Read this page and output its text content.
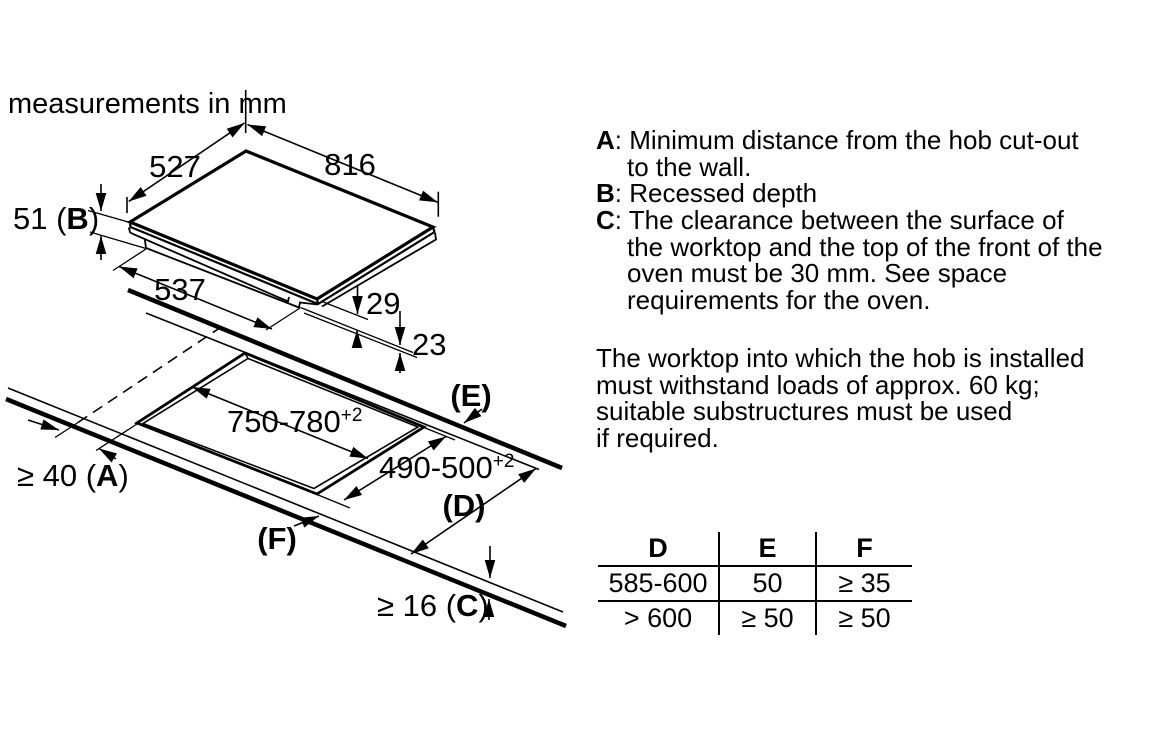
measurements in mm
527	816
51 (B)
537	29
23
≥ 40 (A)
$750-780^{+2}$
$490-500^{+2}$
(E)
(D)
(F)
≥ 16 (C)
A: Minimum distance from the hob cut-out
to the wall.
B: Recessed depth
C: The clearance between the surface of
the worktop and the top of the front of the
oven must be 30 mm. See space
requirements for the oven.
The worktop into which the hob is installed
must withstand loads of approx. 60 kg;
suitable substructures must be used
if required.
D	E	F
585-600	50	≥ 35
> 600	≥ 50	≥ 50
